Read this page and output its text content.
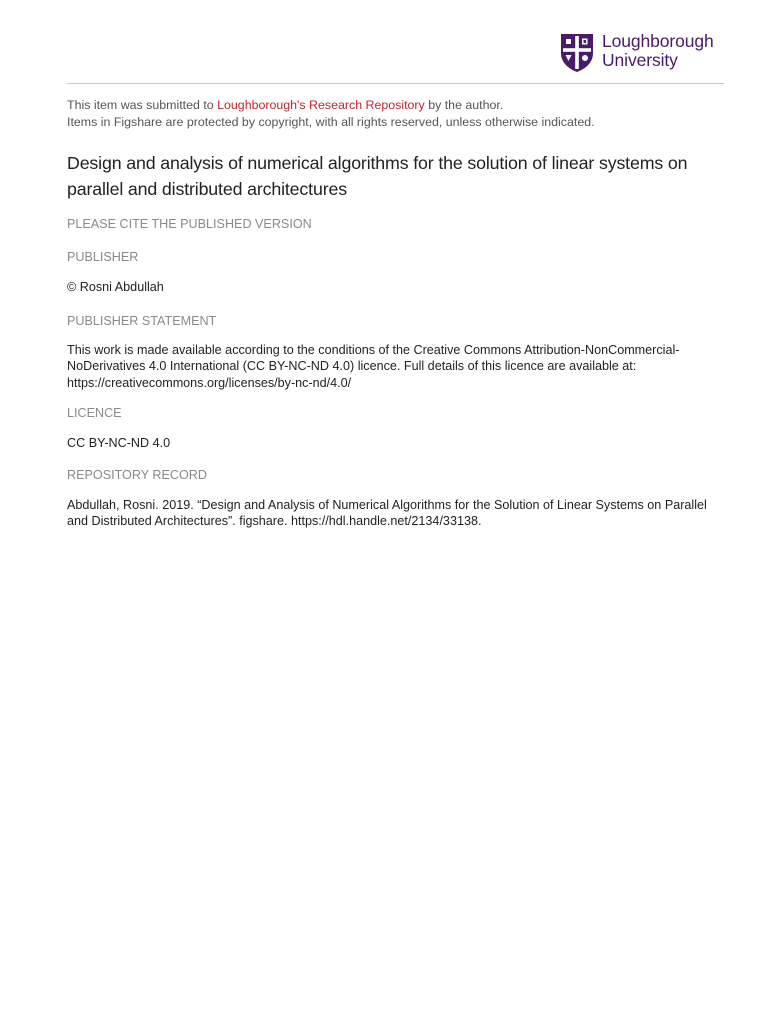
Loughborough
University

This item was submitted to Loughborough's Research Repository by the author.
Items in Figshare are protected by copyright, with all rights reserved, unless otherwise indicated.

Design and analysis of numerical algorithms for the solution of linear systems on parallel and distributed architectures

PLEASE CITE THE PUBLISHED VERSION

PUBLISHER

© Rosni Abdullah

PUBLISHER STATEMENT

This work is made available according to the conditions of the Creative Commons Attribution-NonCommercial-NoDerivatives 4.0 International (CC BY-NC-ND 4.0) licence. Full details of this licence are available at: https://creativecommons.org/licenses/by-nc-nd/4.0/

LICENCE

CC BY-NC-ND 4.0

REPOSITORY RECORD

Abdullah, Rosni. 2019. “Design and Analysis of Numerical Algorithms for the Solution of Linear Systems on Parallel and Distributed Architectures”. figshare. https://hdl.handle.net/2134/33138.
